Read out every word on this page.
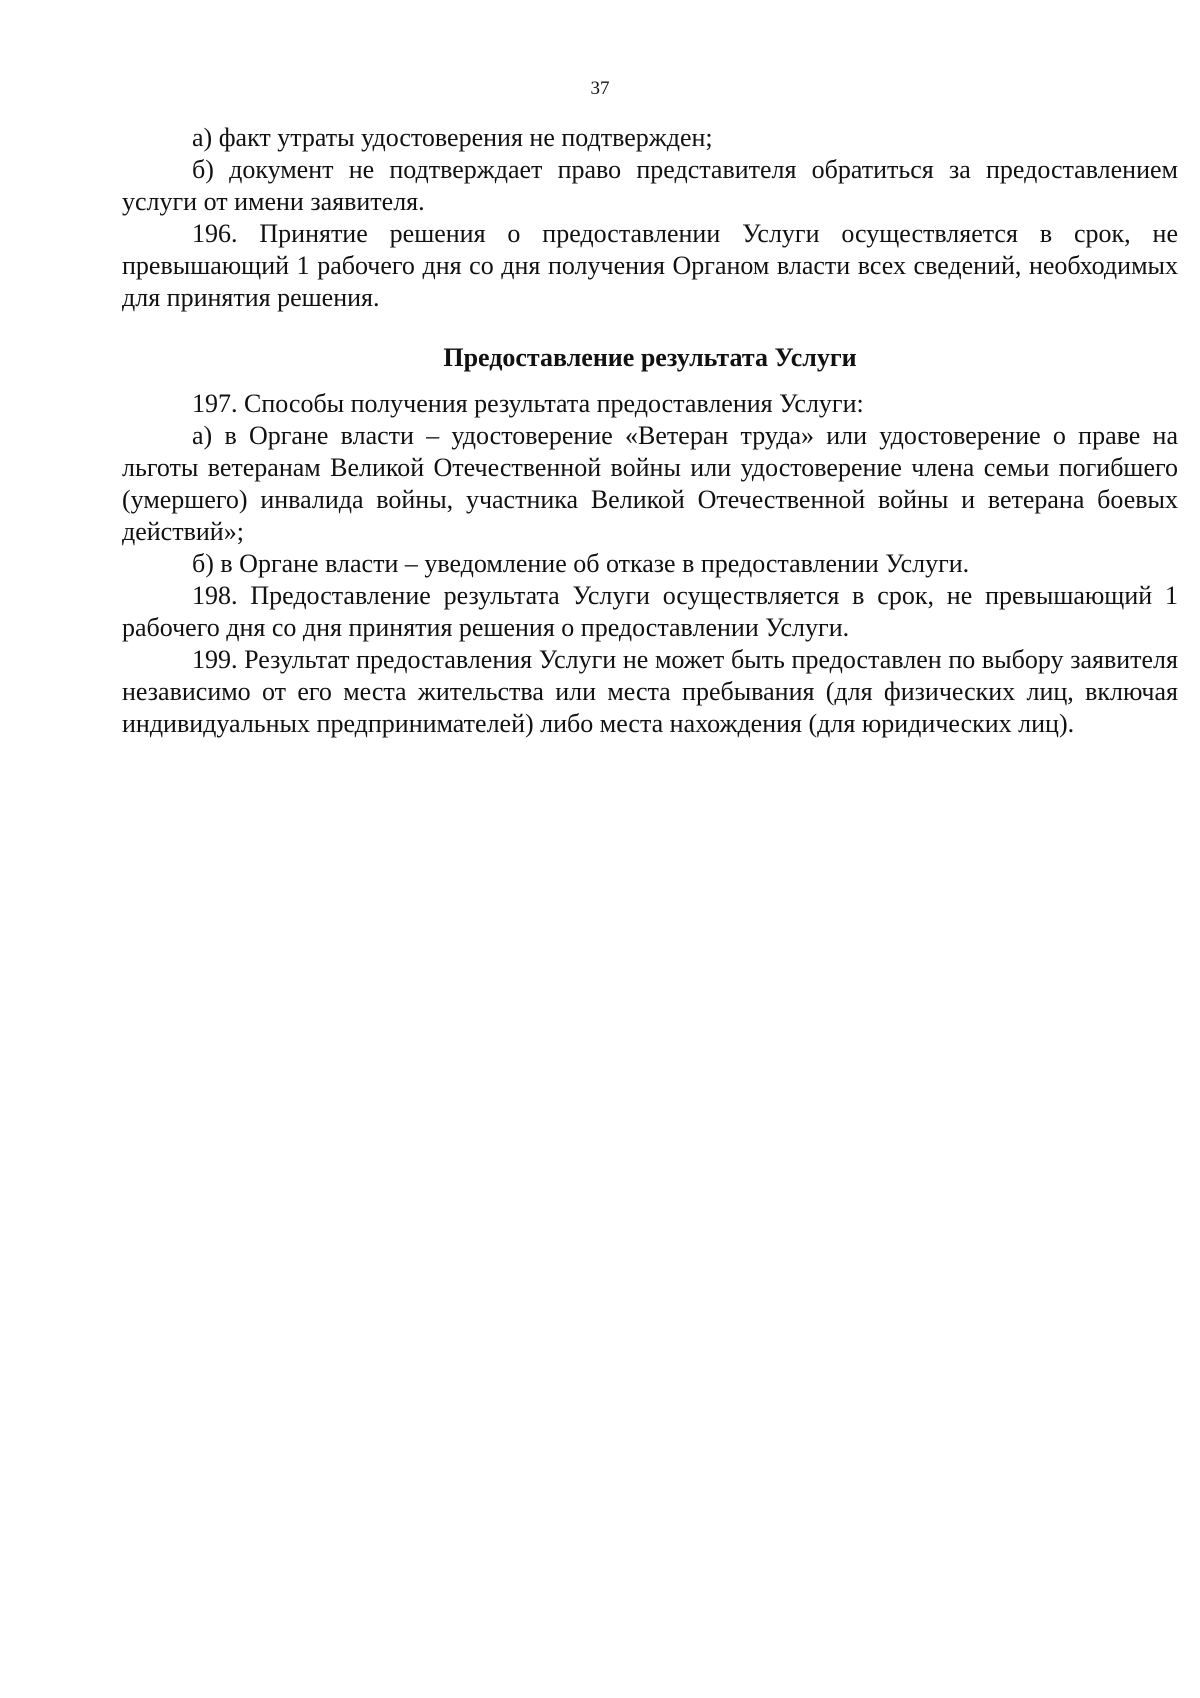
37

а) факт утраты удостоверения не подтвержден;

б) документ не подтверждает право представителя обратиться за предоставлением услуги от имени заявителя.

196. Принятие решения о предоставлении Услуги осуществляется в срок, не превышающий 1 рабочего дня со дня получения Органом власти всех сведений, необходимых для принятия решения.

Предоставление результата Услуги

197. Способы получения результата предоставления Услуги:

а) в Органе власти – удостоверение «Ветеран труда» или удостоверение о праве на льготы ветеранам Великой Отечественной войны или удостоверение члена семьи погибшего (умершего) инвалида войны, участника Великой Отечественной войны и ветерана боевых действий»;

б) в Органе власти – уведомление об отказе в предоставлении Услуги.

198. Предоставление результата Услуги осуществляется в срок, не превышающий 1 рабочего дня со дня принятия решения о предоставлении Услуги.

199. Результат предоставления Услуги не может быть предоставлен по выбору заявителя независимо от его места жительства или места пребывания (для физических лиц, включая индивидуальных предпринимателей) либо места нахождения (для юридических лиц).
